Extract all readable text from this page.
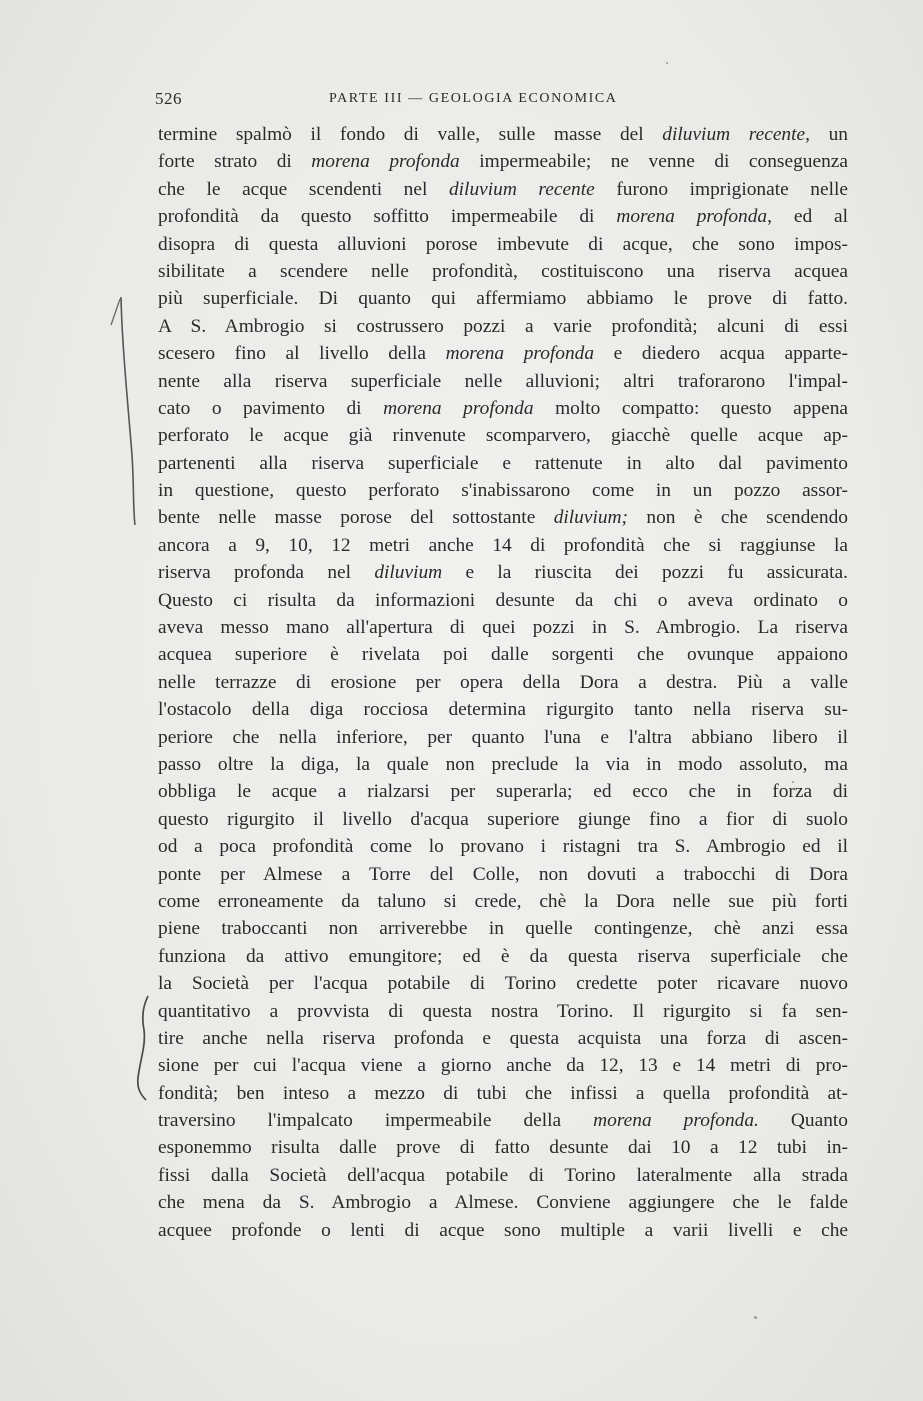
526	PARTE III — GEOLOGIA ECONOMICA
termine spalmò il fondo di valle, sulle masse del diluvium recente, un
forte strato di morena profonda impermeabile; ne venne di conseguenza
che le acque scendenti nel diluvium recente furono imprigionate nelle
profondità da questo soffitto impermeabile di morena profonda, ed al
disopra di questa alluvioni porose imbevute di acque, che sono impos-
sibilitate a scendere nelle profondità, costituiscono una riserva acquea
più superficiale. Di quanto qui affermiamo abbiamo le prove di fatto.
A S. Ambrogio si costrussero pozzi a varie profondità; alcuni di essi
scesero fino al livello della morena profonda e diedero acqua apparte-
nente alla riserva superficiale nelle alluvioni; altri traforarono l'impal-
cato o pavimento di morena profonda molto compatto: questo appena
perforato le acque già rinvenute scomparvero, giacchè quelle acque ap-
partenenti alla riserva superficiale e rattenute in alto dal pavimento
in questione, questo perforato s'inabissarono come in un pozzo assor-
bente nelle masse porose del sottostante diluvium; non è che scendendo
ancora a 9, 10, 12 metri anche 14 di profondità che si raggiunse la
riserva profonda nel diluvium e la riuscita dei pozzi fu assicurata.
Questo ci risulta da informazioni desunte da chi o aveva ordinato o
aveva messo mano all'apertura di quei pozzi in S. Ambrogio. La riserva
acquea superiore è rivelata poi dalle sorgenti che ovunque appaiono
nelle terrazze di erosione per opera della Dora a destra. Più a valle
l'ostacolo della diga rocciosa determina rigurgito tanto nella riserva su-
periore che nella inferiore, per quanto l'una e l'altra abbiano libero il
passo oltre la diga, la quale non preclude la via in modo assoluto, ma
obbliga le acque a rialzarsi per superarla; ed ecco che in forza di
questo rigurgito il livello d'acqua superiore giunge fino a fior di suolo
od a poca profondità come lo provano i ristagni tra S. Ambrogio ed il
ponte per Almese a Torre del Colle, non dovuti a trabocchi di Dora
come erroneamente da taluno si crede, chè la Dora nelle sue più forti
piene traboccanti non arriverebbe in quelle contingenze, chè anzi essa
funziona da attivo emungitore; ed è da questa riserva superficiale che
la Società per l'acqua potabile di Torino credette poter ricavare nuovo
quantitativo a provvista di questa nostra Torino. Il rigurgito si fa sen-
tire anche nella riserva profonda e questa acquista una forza di ascen-
sione per cui l'acqua viene a giorno anche da 12, 13 e 14 metri di pro-
fondità; ben inteso a mezzo di tubi che infissi a quella profondità at-
traversino l'impalcato impermeabile della morena profonda. Quanto
esponemmo risulta dalle prove di fatto desunte dai 10 a 12 tubi in-
fissi dalla Società dell'acqua potabile di Torino lateralmente alla strada
che mena da S. Ambrogio a Almese. Conviene aggiungere che le falde
acquee profonde o lenti di acque sono multiple a varii livelli e che
